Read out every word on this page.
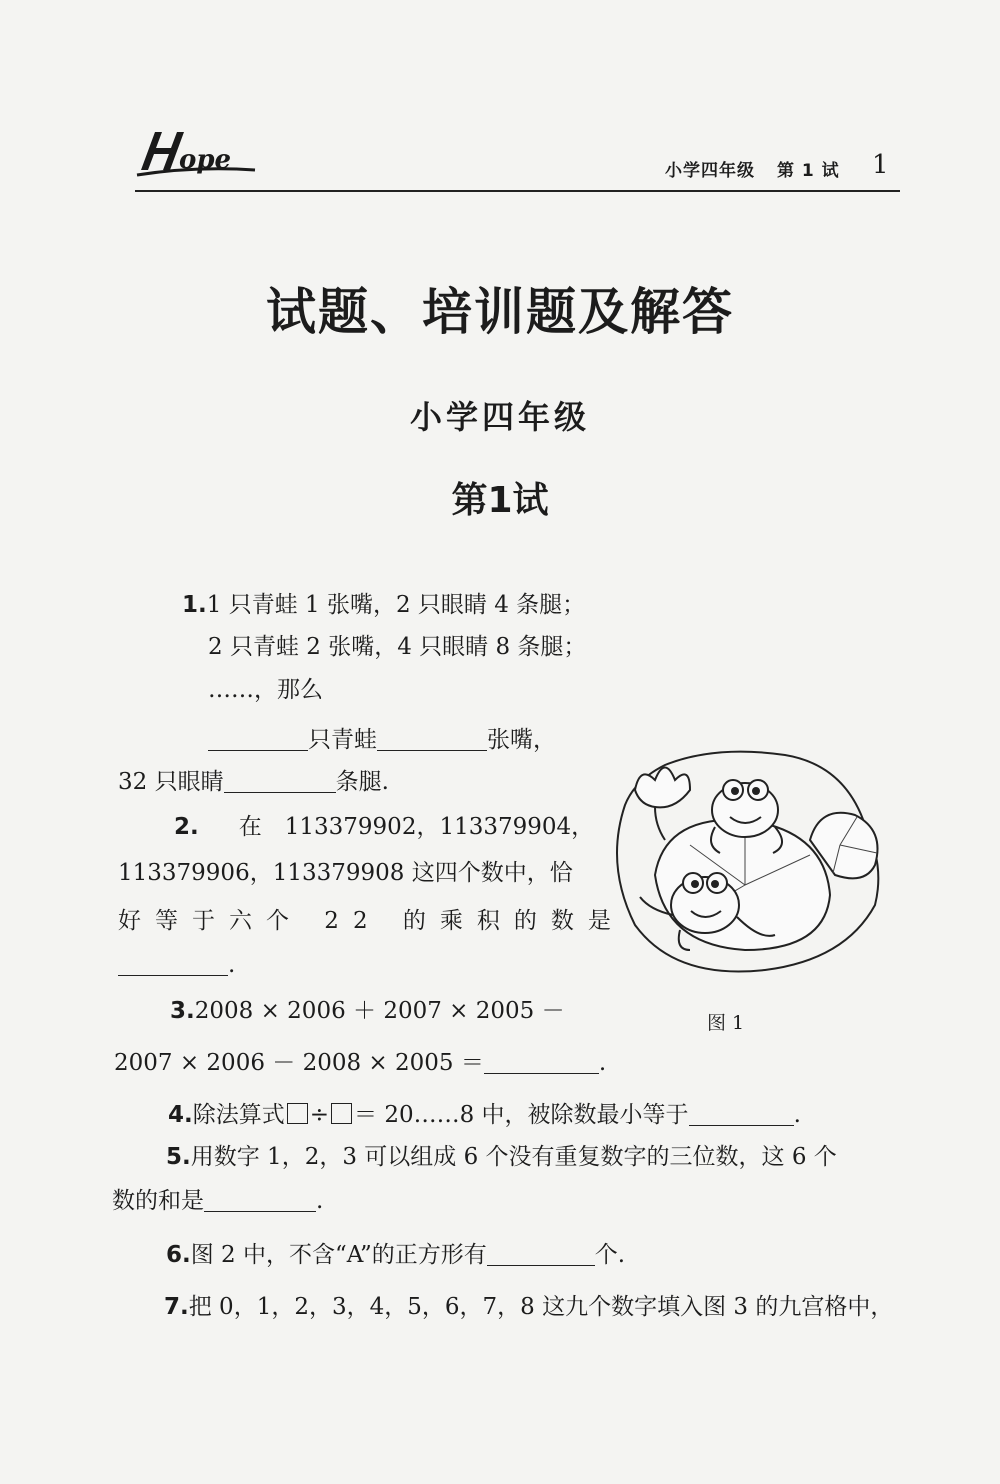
ope	小学四年级 第 1 试 1
试题、培训题及解答
小学四年级
第1试
1.1 只青蛙 1 张嘴，2 只眼睛 4 条腿；
2 只青蛙 2 张嘴，4 只眼睛 8 条腿；
……，那么
只青蛙	张嘴，
32 只眼睛	条腿.
2. 在　113379902，113379904，
113379906，113379908 这四个数中，恰
好等于六个 22 的乘积的数是
.
3.2008 × 2006 ＋ 2007 × 2005 －
2007 × 2006 － 2008 × 2005 ＝	.
4.除法算式 ÷ ＝ 20……8 中，被除数最小等于	.
5.用数字 1，2，3 可以组成 6 个没有重复数字的三位数，这 6 个
数的和是	.
6.图 2 中，不含“A”的正方形有	个.
7.把 0，1，2，3，4，5，6，7，8 这九个数字填入图 3 的九宫格中，
图 1
